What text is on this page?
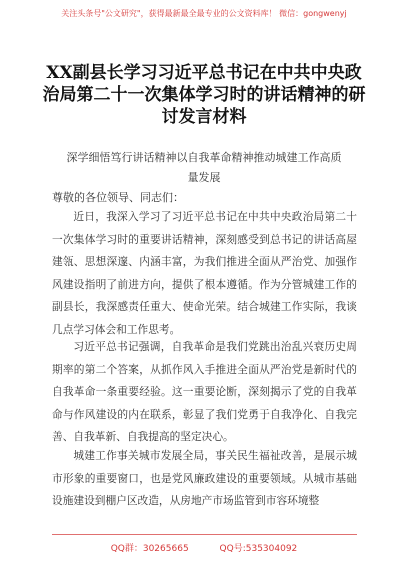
关注头条号"公文研究"，获得最新最全最专业的公文资料库！ 微信：gongwenyj
XX副县长学习习近平总书记在中共中央政治局第二十一次集体学习时的讲话精神的研讨发言材料
深学细悟笃行讲话精神以自我革命精神推动城建工作高质量发展
尊敬的各位领导、同志们：
近日，我深入学习了习近平总书记在中共中央政治局第二十一次集体学习时的重要讲话精神，深刻感受到总书记的讲话高屋建瓴、思想深邃、内涵丰富，为我们推进全面从严治党、加强作风建设指明了前进方向，提供了根本遵循。作为分管城建工作的副县长，我深感责任重大、使命光荣。结合城建工作实际，我谈几点学习体会和工作思考。
习近平总书记强调，自我革命是我们党跳出治乱兴衰历史周期率的第二个答案，从抓作风入手推进全面从严治党是新时代的自我革命一条重要经验。这一重要论断，深刻揭示了党的自我革命与作风建设的内在联系，彰显了我们党勇于自我净化、自我完善、自我革新、自我提高的坚定决心。
城建工作事关城市发展全局，事关民生福祉改善，是展示城市形象的重要窗口，也是党风廉政建设的重要领域。从城市基础设施建设到棚户区改造，从房地产市场监管到市容环境整
QQ群：30265665	QQ号:535304092
